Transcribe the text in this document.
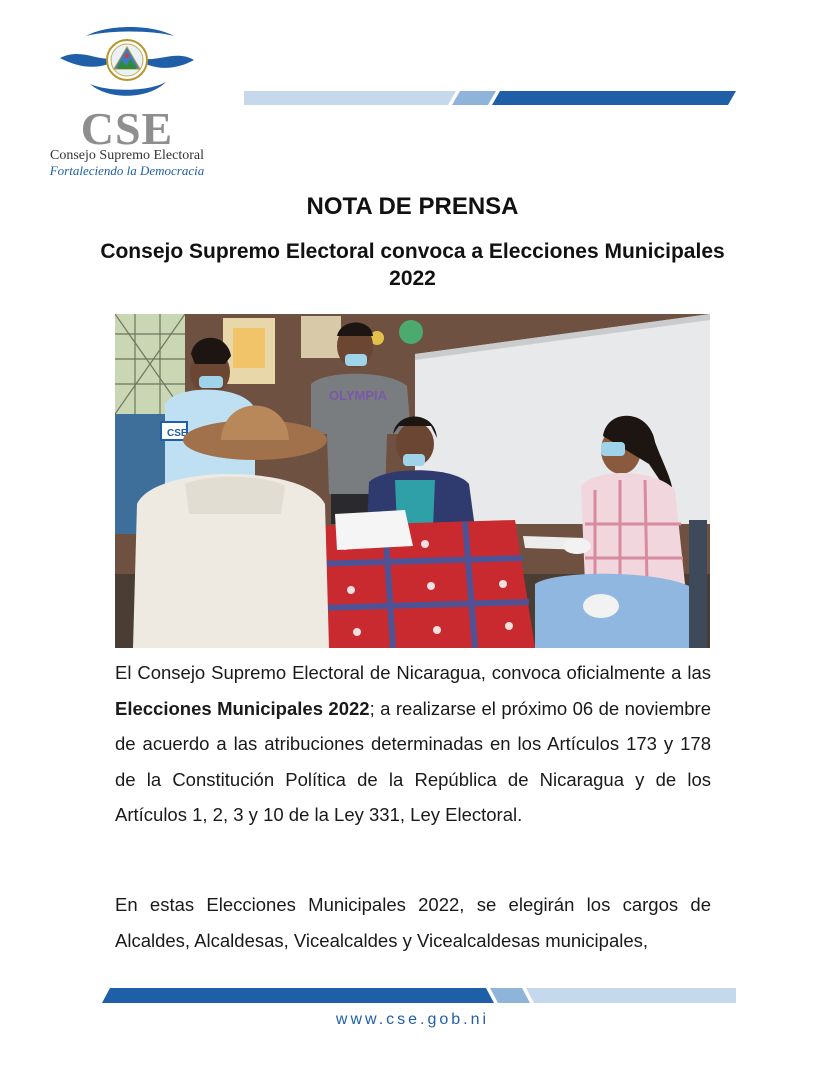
CSE
Consejo Supremo Electoral
Fortaleciendo la Democracia
NOTA DE PRENSA
Consejo Supremo Electoral convoca a Elecciones Municipales 2022
CSE
OLYMPIA

El Consejo Supremo Electoral de Nicaragua, convoca oficialmente a las Elecciones Municipales 2022; a realizarse el próximo 06 de noviembre de acuerdo a las atribuciones determinadas en los Artículos 173 y 178 de la Constitución Política de la República de Nicaragua y de los Artículos 1, 2, 3 y 10 de la Ley 331, Ley Electoral.

En estas Elecciones Municipales 2022, se elegirán los cargos de Alcaldes, Alcaldesas, Vicealcaldes y Vicealcaldesas municipales,

www.cse.gob.ni
